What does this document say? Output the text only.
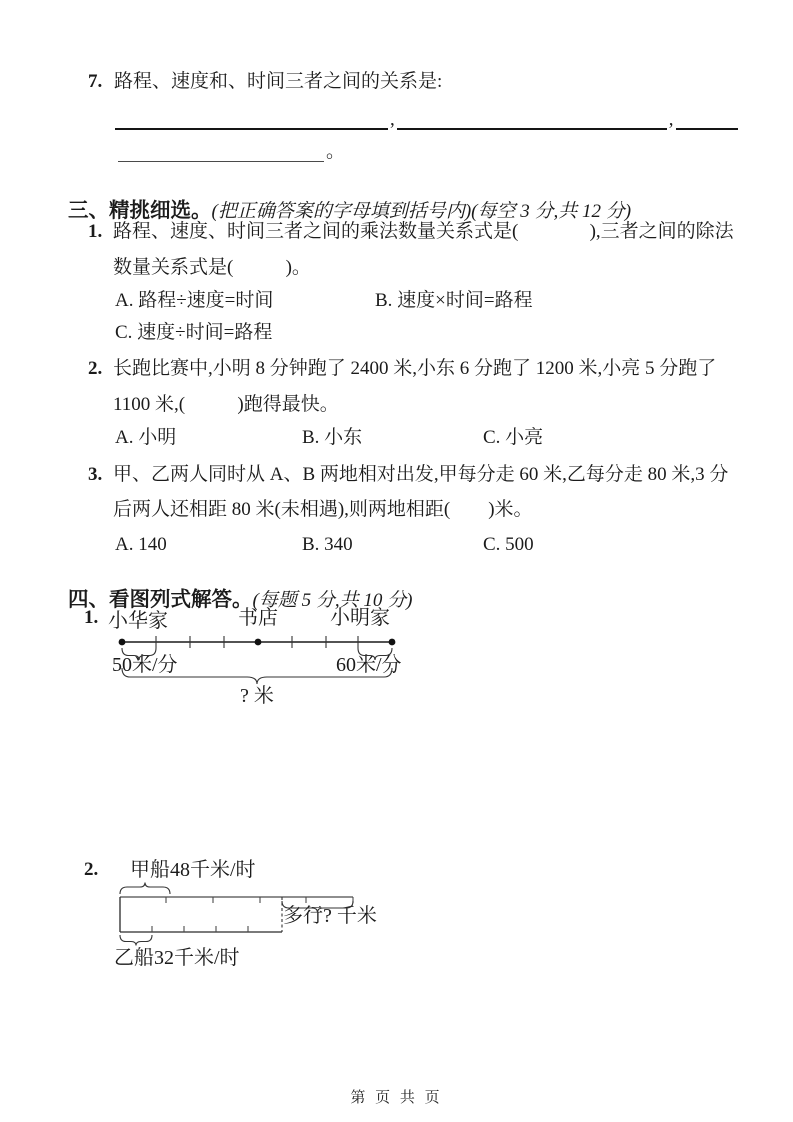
7. 路程、速度和、时间三者之间的关系是:
,	,
。

三、精挑细选。(把正确答案的字母填到括号内)(每空 3 分,共 12 分)

1. 路程、速度、时间三者之间的乘法数量关系式是(               ),三者之间的除法
数量关系式是(           )。
A. 路程÷速度=时间	B. 速度×时间=路程
C. 速度÷时间=路程
2. 长跑比赛中,小明 8 分钟跑了 2400 米,小东 6 分跑了 1200 米,小亮 5 分跑了
1100 米,(           )跑得最快。
A. 小明	B. 小东	C. 小亮
3. 甲、乙两人同时从 A、B 两地相对出发,甲每分走 60 米,乙每分走 80 米,3 分
后两人还相距 80 米(未相遇),则两地相距(        )米。
A. 140	B. 340	C. 500

四、看图列式解答。(每题 5 分,共 10 分)

1. 小华家	书店	小明家
50米/分	60米/分
? 米
2. 甲船48千米/时
多行? 千米
乙船32千米/时
第 页 共 页
